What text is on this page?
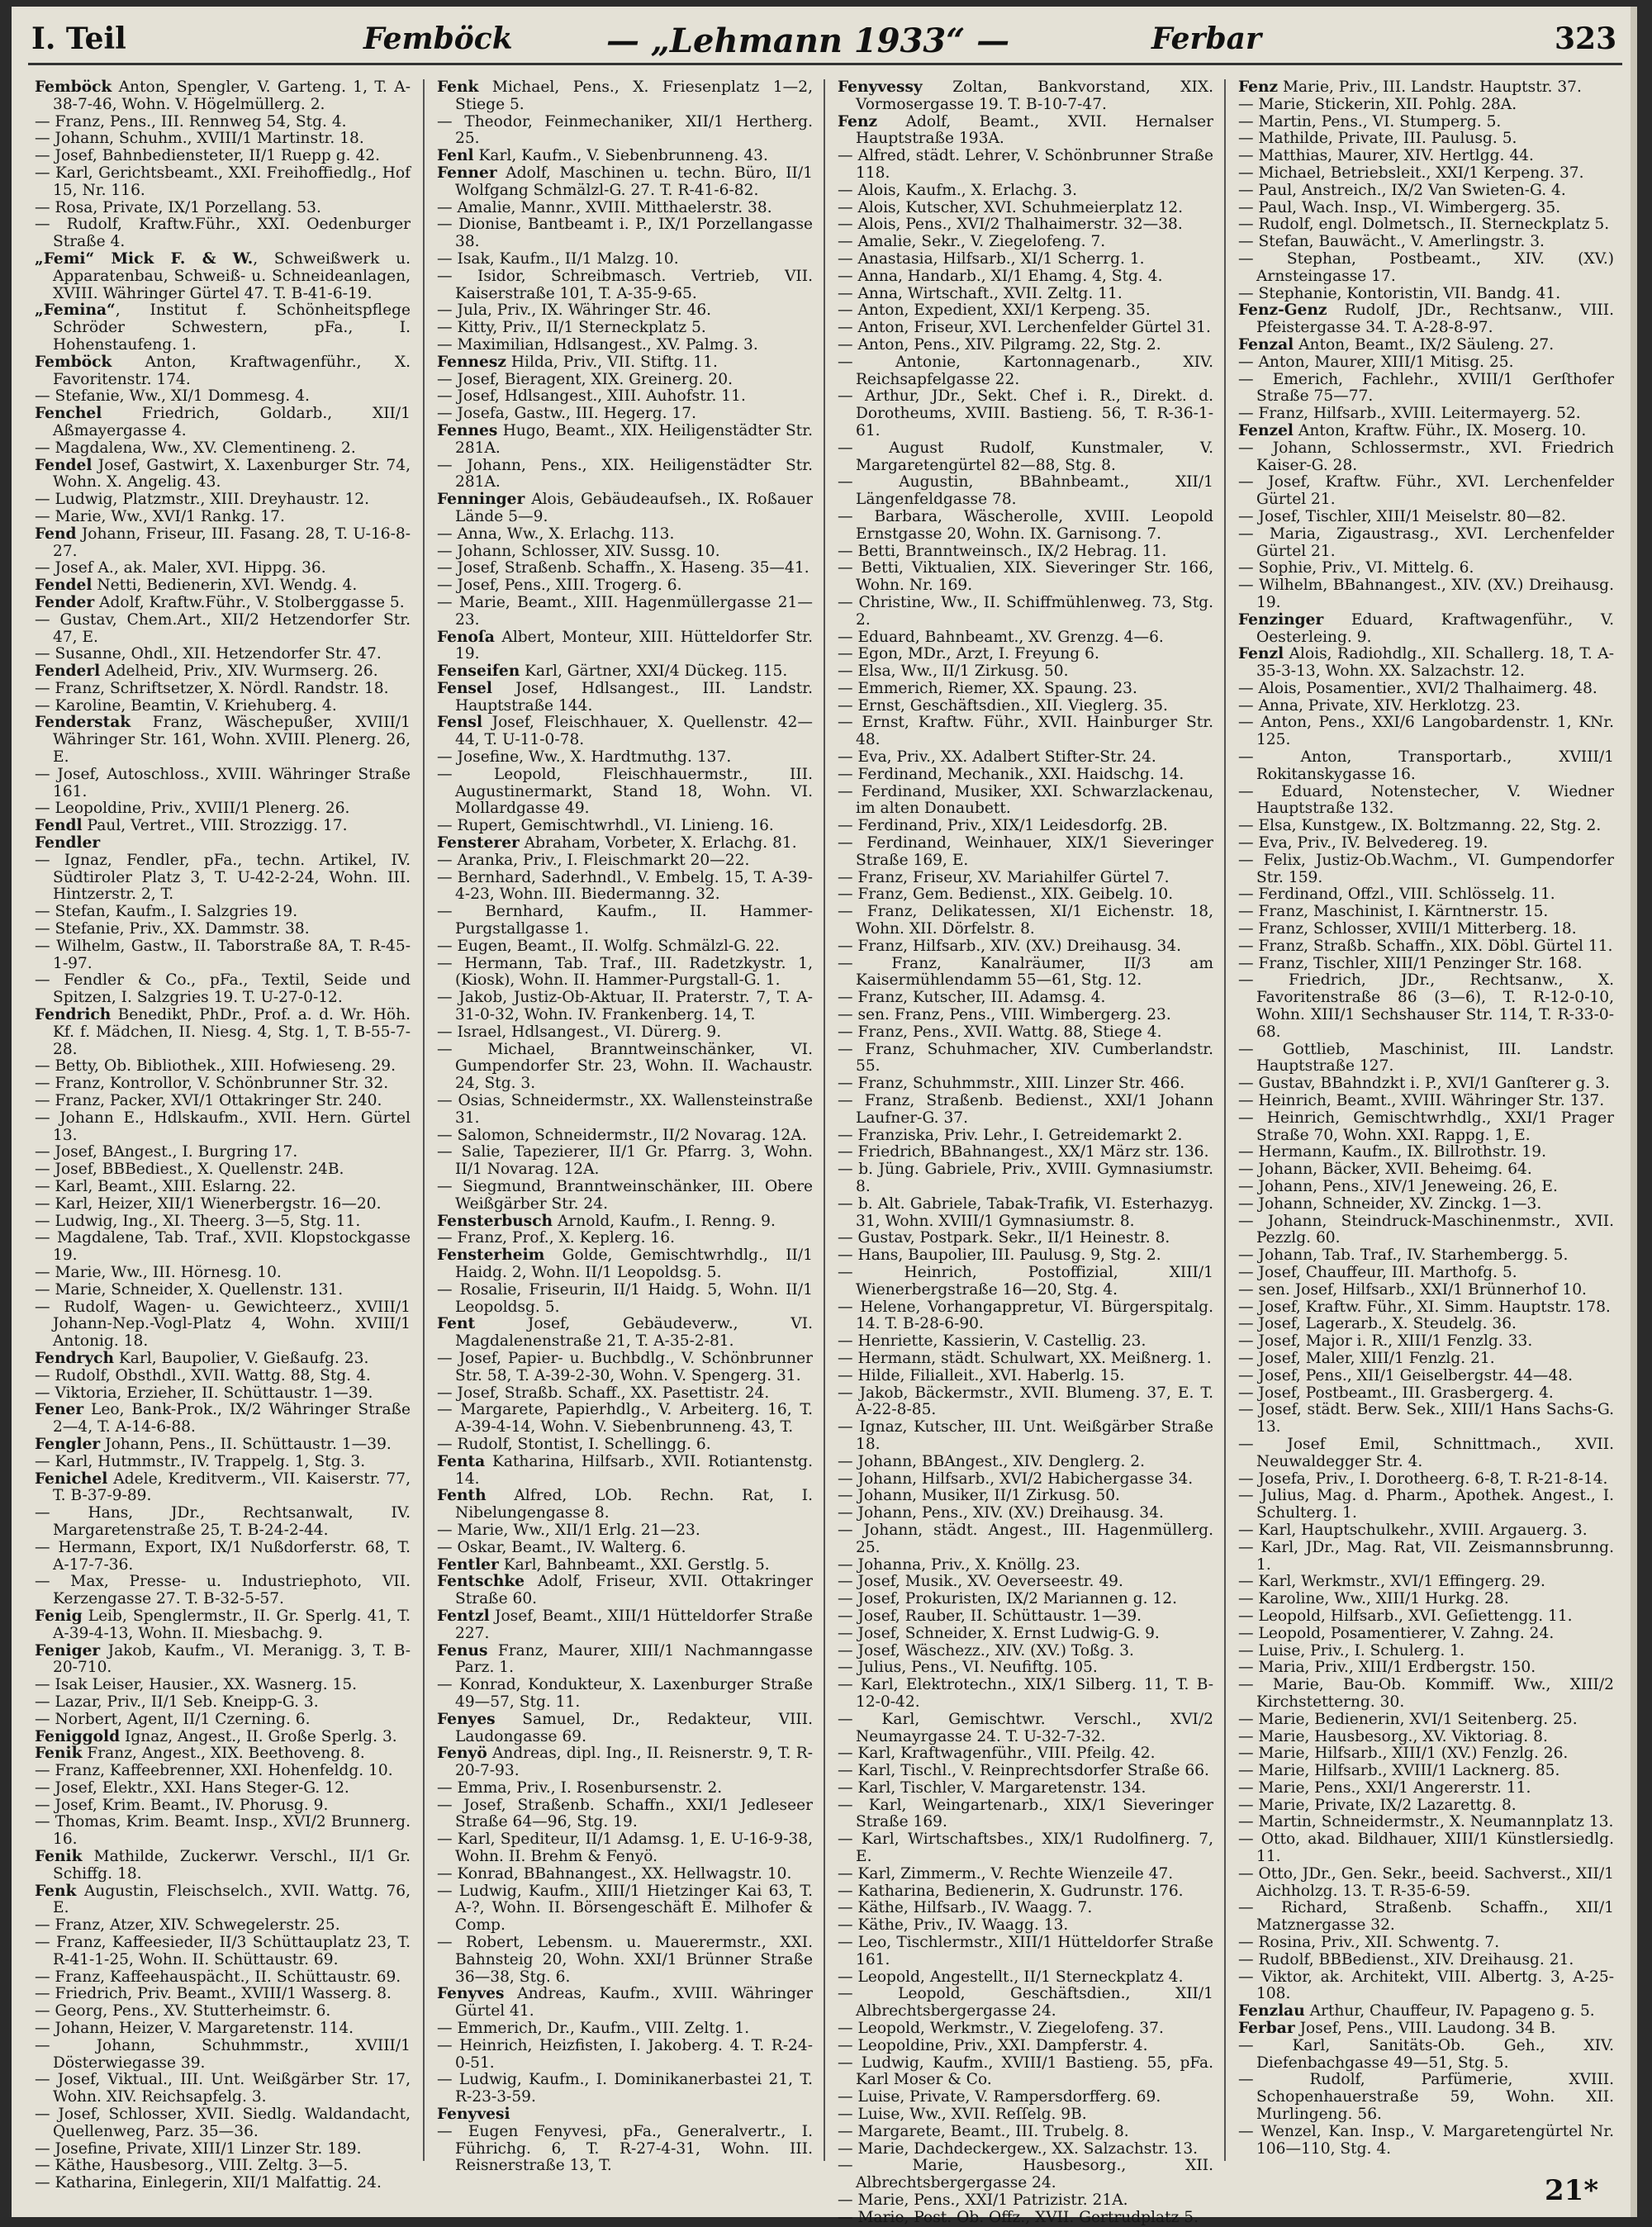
I. Teil	Femböck	— „Lehmann 1933“ —	Ferbar	323

Femböck Anton, Spengler, V. Garteng. 1, T. A-38-7-46, Wohn. V. Högelmüllerg. 2.

— Franz, Pens., III. Rennweg 54, Stg. 4.

— Johann, Schuhm., XVIII/1 Martinstr. 18.

— Josef, Bahnbediensteter, II/1 Ruepp g. 42.

— Karl, Gerichtsbeamt., XXI. Freihoffiedlg., Hof 15, Nr. 116.

— Rosa, Private, IX/1 Porzellang. 53.

— Rudolf, Kraftw.Führ., XXI. Oedenburger Straße 4.

„Femi“ Mick F. & W., Schweißwerk u. Apparatenbau, Schweiß- u. Schneideanlagen, XVIII. Währinger Gürtel 47. T. B-41-6-19.

„Femina“, Institut f. Schönheitspflege Schröder Schwestern, pFa., I. Hohenstaufeng. 1.

Femböck Anton, Kraftwagenführ., X. Favoritenstr. 174.

— Stefanie, Ww., XI/1 Dommesg. 4.

Fenchel Friedrich, Goldarb., XII/1 Aßmayergasse 4.

— Magdalena, Ww., XV. Clementineng. 2.

Fendel Josef, Gastwirt, X. Laxenburger Str. 74, Wohn. X. Angelig. 43.

— Ludwig, Platzmstr., XIII. Dreyhaustr. 12.

— Marie, Ww., XVI/1 Rankg. 17.

Fend Johann, Friseur, III. Fasang. 28, T. U-16-8-27.

— Josef A., ak. Maler, XVI. Hippg. 36.

Fendel Netti, Bedienerin, XVI. Wendg. 4.

Fender Adolf, Kraftw.Führ., V. Stolberggasse 5.

— Gustav, Chem.Art., XII/2 Hetzendorfer Str. 47, E.

— Susanne, Ohdl., XII. Hetzendorfer Str. 47.

Fenderl Adelheid, Priv., XIV. Wurmserg. 26.

— Franz, Schriftsetzer, X. Nördl. Randstr. 18.

— Karoline, Beamtin, V. Kriehuberg. 4.

Fenderstak Franz, Wäschepußer, XVIII/1 Währinger Str. 161, Wohn. XVIII. Plenerg. 26, E.

— Josef, Autoschloss., XVIII. Währinger Straße 161.

— Leopoldine, Priv., XVIII/1 Plenerg. 26.

Fendl Paul, Vertret., VIII. Strozzigg. 17.

Fendler

— Ignaz, Fendler, pFa., techn. Artikel, IV. Südtiroler Platz 3, T. U-42-2-24, Wohn. III. Hintzerstr. 2, T.

— Stefan, Kaufm., I. Salzgries 19.

— Stefanie, Priv., XX. Dammstr. 38.

— Wilhelm, Gastw., II. Taborstraße 8A, T. R-45-1-97.

— Fendler & Co., pFa., Textil, Seide und Spitzen, I. Salzgries 19. T. U-27-0-12.

Fendrich Benedikt, PhDr., Prof. a. d. Wr. Höh. Kf. f. Mädchen, II. Niesg. 4, Stg. 1, T. B-55-7-28.

— Betty, Ob. Bibliothek., XIII. Hofwieseng. 29.

— Franz, Kontrollor, V. Schönbrunner Str. 32.

— Franz, Packer, XVI/1 Ottakringer Str. 240.

— Johann E., Hdlskaufm., XVII. Hern. Gürtel 13.

— Josef, BAngest., I. Burgring 17.

— Josef, BBBediest., X. Quellenstr. 24B.

— Karl, Beamt., XIII. Eslarng. 22.

— Karl, Heizer, XII/1 Wienerbergstr. 16—20.

— Ludwig, Ing., XI. Theerg. 3—5, Stg. 11.

— Magdalene, Tab. Traf., XVII. Klopstockgasse 19.

— Marie, Ww., III. Hörnesg. 10.

— Marie, Schneider, X. Quellenstr. 131.

— Rudolf, Wagen- u. Gewichteerz., XVIII/1 Johann-Nep.-Vogl-Platz 4, Wohn. XVIII/1 Antonig. 18.

Fendrych Karl, Baupolier, V. Gießaufg. 23.

— Rudolf, Obsthdl., XVII. Wattg. 88, Stg. 4.

— Viktoria, Erzieher, II. Schüttaustr. 1—39.

Fener Leo, Bank-Prok., IX/2 Währinger Straße 2—4, T. A-14-6-88.

Fengler Johann, Pens., II. Schüttaustr. 1—39.

— Karl, Hutmmstr., IV. Trappelg. 1, Stg. 3.

Fenichel Adele, Kreditverm., VII. Kaiserstr. 77, T. B-37-9-89.

— Hans, JDr., Rechtsanwalt, IV. Margaretenstraße 25, T. B-24-2-44.

— Hermann, Export, IX/1 Nußdorferstr. 68, T. A-17-7-36.

— Max, Presse- u. Industriephoto, VII. Kerzengasse 27. T. B-32-5-57.

Fenig Leib, Spenglermstr., II. Gr. Sperlg. 41, T. A-39-4-13, Wohn. II. Miesbachg. 9.

Feniger Jakob, Kaufm., VI. Meranigg. 3, T. B-20-710.

— Isak Leiser, Hausier., XX. Wasnerg. 15.

— Lazar, Priv., II/1 Seb. Kneipp-G. 3.

— Norbert, Agent, II/1 Czerning. 6.

Feniggold Ignaz, Angest., II. Große Sperlg. 3.

Fenik Franz, Angest., XIX. Beethoveng. 8.

— Franz, Kaffeebrenner, XXI. Hohenfeldg. 10.

— Josef, Elektr., XXI. Hans Steger-G. 12.

— Josef, Krim. Beamt., IV. Phorusg. 9.

— Thomas, Krim. Beamt. Insp., XVI/2 Brunnerg. 16.

Fenik Mathilde, Zuckerwr. Verschl., II/1 Gr. Schiffg. 18.

Fenk Augustin, Fleischselch., XVII. Wattg. 76, E.

— Franz, Atzer, XIV. Schwegelerstr. 25.

— Franz, Kaffeesieder, II/3 Schüttauplatz 23, T. R-41-1-25, Wohn. II. Schüttaustr. 69.

— Franz, Kaffeehauspächt., II. Schüttaustr. 69.

— Friedrich, Priv. Beamt., XVIII/1 Wasserg. 8.

— Georg, Pens., XV. Stutterheimstr. 6.

— Johann, Heizer, V. Margaretenstr. 114.

— Johann, Schuhmmstr., XVIII/1 Dösterwiegasse 39.

— Josef, Viktual., III. Unt. Weißgärber Str. 17, Wohn. XIV. Reichsapfelg. 3.

— Josef, Schlosser, XVII. Siedlg. Waldandacht, Quellenweg, Parz. 35—36.

— Josefine, Private, XIII/1 Linzer Str. 189.

— Käthe, Hausbesorg., VIII. Zeltg. 3—5.

— Katharina, Einlegerin, XII/1 Malfattig. 24.

Fenk Michael, Pens., X. Friesenplatz 1—2, Stiege 5.

— Theodor, Feinmechaniker, XII/1 Hertherg. 25.

Fenl Karl, Kaufm., V. Siebenbrunneng. 43.

Fenner Adolf, Maschinen u. techn. Büro, II/1 Wolfgang Schmälzl-G. 27. T. R-41-6-82.

— Amalie, Mannr., XVIII. Mitthaelerstr. 38.

— Dionise, Bantbeamt i. P., IX/1 Porzellangasse 38.

— Isak, Kaufm., II/1 Malzg. 10.

— Isidor, Schreibmasch. Vertrieb, VII. Kaiserstraße 101, T. A-35-9-65.

— Jula, Priv., IX. Währinger Str. 46.

— Kitty, Priv., II/1 Sterneckplatz 5.

— Maximilian, Hdlsangest., XV. Palmg. 3.

Fennesz Hilda, Priv., VII. Stiftg. 11.

— Josef, Bieragent, XIX. Greinerg. 20.

— Josef, Hdlsangest., XIII. Auhofstr. 11.

— Josefa, Gastw., III. Hegerg. 17.

Fennes Hugo, Beamt., XIX. Heiligenstädter Str. 281A.

— Johann, Pens., XIX. Heiligenstädter Str. 281A.

Fenninger Alois, Gebäudeaufseh., IX. Roßauer Lände 5—9.

— Anna, Ww., X. Erlachg. 113.

— Johann, Schlosser, XIV. Sussg. 10.

— Josef, Straßenb. Schaffn., X. Haseng. 35—41.

— Josef, Pens., XIII. Trogerg. 6.

— Marie, Beamt., XIII. Hagenmüllergasse 21—23.

Fenoſa Albert, Monteur, XIII. Hütteldorfer Str. 19.

Fenseifen Karl, Gärtner, XXI/4 Dückeg. 115.

Fensel Josef, Hdlsangest., III. Landstr. Hauptstraße 144.

Fensl Josef, Fleischhauer, X. Quellenstr. 42—44, T. U-11-0-78.

— Josefine, Ww., X. Hardtmuthg. 137.

— Leopold, Fleischhauermstr., III. Augustinermarkt, Stand 18, Wohn. VI. Mollardgasse 49.

— Rupert, Gemischtwrhdl., VI. Linieng. 16.

Fensterer Abraham, Vorbeter, X. Erlachg. 81.

— Aranka, Priv., I. Fleischmarkt 20—22.

— Bernhard, Saderhndl., V. Embelg. 15, T. A-39-4-23, Wohn. III. Biedermanng. 32.

— Bernhard, Kaufm., II. Hammer-Purgstallgasse 1.

— Eugen, Beamt., II. Wolfg. Schmälzl-G. 22.

— Hermann, Tab. Traf., III. Radetzkystr. 1, (Kiosk), Wohn. II. Hammer-Purgstall-G. 1.

— Jakob, Justiz-Ob-Aktuar, II. Praterstr. 7, T. A-31-0-32, Wohn. IV. Frankenberg. 14, T.

— Israel, Hdlsangest., VI. Dürerg. 9.

— Michael, Branntweinschänker, VI. Gumpendorfer Str. 23, Wohn. II. Wachaustr. 24, Stg. 3.

— Osias, Schneidermstr., XX. Wallensteinstraße 31.

— Salomon, Schneidermstr., II/2 Novarag. 12A.

— Salie, Tapezierer, II/1 Gr. Pfarrg. 3, Wohn. II/1 Novarag. 12A.

— Siegmund, Branntweinschänker, III. Obere Weißgärber Str. 24.

Fensterbusch Arnold, Kaufm., I. Renng. 9.

— Franz, Prof., X. Keplerg. 16.

Fensterheim Golde, Gemischtwrhdlg., II/1 Haidg. 2, Wohn. II/1 Leopoldsg. 5.

— Rosalie, Friseurin, II/1 Haidg. 5, Wohn. II/1 Leopoldsg. 5.

Fent Josef, Gebäudeverw., VI. Magdalenenstraße 21, T. A-35-2-81.

— Josef, Papier- u. Buchbdlg., V. Schönbrunner Str. 58, T. A-39-2-30, Wohn. V. Spengerg. 31.

— Josef, Straßb. Schaff., XX. Pasettistr. 24.

— Margarete, Papierhdlg., V. Arbeiterg. 16, T. A-39-4-14, Wohn. V. Siebenbrunneng. 43, T.

— Rudolf, Stontist, I. Schellingg. 6.

Fenta Katharina, Hilfsarb., XVII. Rotiantenstg. 14.

Fenth Alfred, LOb. Rechn. Rat, I. Nibelungengasse 8.

— Marie, Ww., XII/1 Erlg. 21—23.

— Oskar, Beamt., IV. Walterg. 6.

Fentler Karl, Bahnbeamt., XXI. Gerstlg. 5.

Fentschke Adolf, Friseur, XVII. Ottakringer Straße 60.

Fentzl Josef, Beamt., XIII/1 Hütteldorfer Straße 227.

Fenus Franz, Maurer, XIII/1 Nachmanngasse Parz. 1.

— Konrad, Kondukteur, X. Laxenburger Straße 49—57, Stg. 11.

Fenyes Samuel, Dr., Redakteur, VIII. Laudongasse 69.

Fenyö Andreas, dipl. Ing., II. Reisnerstr. 9, T. R-20-7-93.

— Emma, Priv., I. Rosenbursenstr. 2.

— Josef, Straßenb. Schaffn., XXI/1 Jedleseer Straße 64—96, Stg. 19.

— Karl, Spediteur, II/1 Adamsg. 1, E. U-16-9-38, Wohn. II. Brehm & Fenyö.

— Konrad, BBahnangest., XX. Hellwagstr. 10.

— Ludwig, Kaufm., XIII/1 Hietzinger Kai 63, T. A-?, Wohn. II. Börsengeschäft E. Milhofer & Comp.

— Robert, Lebensm. u. Mauerermstr., XXI. Bahnsteig 20, Wohn. XXI/1 Brünner Straße 36—38, Stg. 6.

Fenyves Andreas, Kaufm., XVIII. Währinger Gürtel 41.

— Emmerich, Dr., Kaufm., VIII. Zeltg. 1.

— Heinrich, Heizfisten, I. Jakoberg. 4. T. R-24-0-51.

— Ludwig, Kaufm., I. Dominikanerbastei 21, T. R-23-3-59.

Fenyvesi

— Eugen Fenyvesi, pFa., Generalvertr., I. Führichg. 6, T. R-27-4-31, Wohn. III. Reisnerstraße 13, T.

Fenyvessy Zoltan, Bankvorstand, XIX. Vormosergasse 19. T. B-10-7-47.

Fenz Adolf, Beamt., XVII. Hernalser Hauptstraße 193A.

— Alfred, städt. Lehrer, V. Schönbrunner Straße 118.

— Alois, Kaufm., X. Erlachg. 3.

— Alois, Kutscher, XVI. Schuhmeierplatz 12.

— Alois, Pens., XVI/2 Thalhaimerstr. 32—38.

— Amalie, Sekr., V. Ziegelofeng. 7.

— Anastasia, Hilfsarb., XI/1 Scherrg. 1.

— Anna, Handarb., XI/1 Ehamg. 4, Stg. 4.

— Anna, Wirtschaft., XVII. Zeltg. 11.

— Anton, Expedient, XXI/1 Kerpeng. 35.

— Anton, Friseur, XVI. Lerchenfelder Gürtel 31.

— Anton, Pens., XIV. Pilgramg. 22, Stg. 2.

— Antonie, Kartonnagenarb., XIV. Reichsapfelgasse 22.

— Arthur, JDr., Sekt. Chef i. R., Direkt. d. Dorotheums, XVIII. Bastieng. 56, T. R-36-1-61.

— August Rudolf, Kunstmaler, V. Margaretengürtel 82—88, Stg. 8.

— Augustin, BBahnbeamt., XII/1 Längenfeldgasse 78.

— Barbara, Wäscherolle, XVIII. Leopold Ernstgasse 20, Wohn. IX. Garnisong. 7.

— Betti, Branntweinsch., IX/2 Hebrag. 11.

— Betti, Viktualien, XIX. Sieveringer Str. 166, Wohn. Nr. 169.

— Christine, Ww., II. Schiffmühlenweg. 73, Stg. 2.

— Eduard, Bahnbeamt., XV. Grenzg. 4—6.

— Egon, MDr., Arzt, I. Freyung 6.

— Elsa, Ww., II/1 Zirkusg. 50.

— Emmerich, Riemer, XX. Spaung. 23.

— Ernst, Geschäftsdien., XII. Vieglerg. 35.

— Ernst, Kraftw. Führ., XVII. Hainburger Str. 48.

— Eva, Priv., XX. Adalbert Stifter-Str. 24.

— Ferdinand, Mechanik., XXI. Haidschg. 14.

— Ferdinand, Musiker, XXI. Schwarzlackenau, im alten Donaubett.

— Ferdinand, Priv., XIX/1 Leidesdorfg. 2B.

— Ferdinand, Weinhauer, XIX/1 Sieveringer Straße 169, E.

— Franz, Friseur, XV. Mariahilfer Gürtel 7.

— Franz, Gem. Bedienst., XIX. Geibelg. 10.

— Franz, Delikatessen, XI/1 Eichenstr. 18, Wohn. XII. Dörfelstr. 8.

— Franz, Hilfsarb., XIV. (XV.) Dreihausg. 34.

— Franz, Kanalräumer, II/3 am Kaisermühlendamm 55—61, Stg. 12.

— Franz, Kutscher, III. Adamsg. 4.

— sen. Franz, Pens., VIII. Wimbergerg. 23.

— Franz, Pens., XVII. Wattg. 88, Stiege 4.

— Franz, Schuhmacher, XIV. Cumberlandstr. 55.

— Franz, Schuhmmstr., XIII. Linzer Str. 466.

— Franz, Straßenb. Bedienst., XXI/1 Johann Laufner-G. 37.

— Franziska, Priv. Lehr., I. Getreidemarkt 2.

— Friedrich, BBahnangest., XX/1 März str. 136.

— b. Jüng. Gabriele, Priv., XVIII. Gymnasiumstr. 8.

— b. Alt. Gabriele, Tabak-Trafik, VI. Esterhazyg. 31, Wohn. XVIII/1 Gymnasiumstr. 8.

— Gustav, Postpark. Sekr., II/1 Heinestr. 8.

— Hans, Baupolier, III. Paulusg. 9, Stg. 2.

— Heinrich, Postoffizial, XIII/1 Wienerbergstraße 16—20, Stg. 4.

— Helene, Vorhangappretur, VI. Bürgerspitalg. 14. T. B-28-6-90.

— Henriette, Kassierin, V. Castellig. 23.

— Hermann, städt. Schulwart, XX. Meißnerg. 1.

— Hilde, Filialleit., XVI. Haberlg. 15.

— Jakob, Bäckermstr., XVII. Blumeng. 37, E. T. A-22-8-85.

— Ignaz, Kutscher, III. Unt. Weißgärber Straße 18.

— Johann, BBAngest., XIV. Denglerg. 2.

— Johann, Hilfsarb., XVI/2 Habichergasse 34.

— Johann, Musiker, II/1 Zirkusg. 50.

— Johann, Pens., XIV. (XV.) Dreihausg. 34.

— Johann, städt. Angest., III. Hagenmüllerg. 25.

— Johanna, Priv., X. Knöllg. 23.

— Josef, Musik., XV. Oeverseestr. 49.

— Josef, Prokuristen, IX/2 Mariannen g. 12.

— Josef, Rauber, II. Schüttaustr. 1—39.

— Josef, Schneider, X. Ernst Ludwig-G. 9.

— Josef, Wäschezz., XIV. (XV.) Toßg. 3.

— Julius, Pens., VI. Neufiftg. 105.

— Karl, Elektrotechn., XIX/1 Silberg. 11, T. B-12-0-42.

— Karl, Gemischtwr. Verschl., XVI/2 Neumayrgasse 24. T. U-32-7-32.

— Karl, Kraftwagenführ., VIII. Pfeilg. 42.

— Karl, Tischl., V. Reinprechtsdorfer Straße 66.

— Karl, Tischler, V. Margaretenstr. 134.

— Karl, Weingartenarb., XIX/1 Sieveringer Straße 169.

— Karl, Wirtschaftsbes., XIX/1 Rudolfinerg. 7, E.

— Karl, Zimmerm., V. Rechte Wienzeile 47.

— Katharina, Bedienerin, X. Gudrunstr. 176.

— Käthe, Hilfsarb., IV. Waagg. 7.

— Käthe, Priv., IV. Waagg. 13.

— Leo, Tischlermstr., XIII/1 Hütteldorfer Straße 161.

— Leopold, Angestellt., II/1 Sterneckplatz 4.

— Leopold, Geschäftsdien., XII/1 Albrechtsbergergasse 24.

— Leopold, Werkmstr., V. Ziegelofeng. 37.

— Leopoldine, Priv., XXI. Dampferstr. 4.

— Ludwig, Kaufm., XVIII/1 Bastieng. 55, pFa. Karl Moser & Co.

— Luise, Private, V. Rampersdorfferg. 69.

— Luise, Ww., XVII. Reſſelg. 9B.

— Margarete, Beamt., III. Trubelg. 8.

— Marie, Dachdeckergew., XX. Salzachstr. 13.

— Marie, Hausbesorg., XII. Albrechtsbergergasse 24.

— Marie, Pens., XXI/1 Patrizistr. 21A.

— Marie, Post. Ob. Offz., XVII. Gertrudplatz 5.

Fenz Marie, Priv., III. Landstr. Hauptstr. 37.

— Marie, Stickerin, XII. Pohlg. 28A.

— Martin, Pens., VI. Stumperg. 5.

— Mathilde, Private, III. Paulusg. 5.

— Matthias, Maurer, XIV. Hertlgg. 44.

— Michael, Betriebsleit., XXI/1 Kerpeng. 37.

— Paul, Anstreich., IX/2 Van Swieten-G. 4.

— Paul, Wach. Insp., VI. Wimbergerg. 35.

— Rudolf, engl. Dolmetsch., II. Sterneckplatz 5.

— Stefan, Bauwächt., V. Amerlingstr. 3.

— Stephan, Postbeamt., XIV. (XV.) Arnsteingasse 17.

— Stephanie, Kontoristin, VII. Bandg. 41.

Fenz-Genz Rudolf, JDr., Rechtsanw., VIII. Pfeistergasse 34. T. A-28-8-97.

Fenzal Anton, Beamt., IX/2 Säuleng. 27.

— Anton, Maurer, XIII/1 Mitisg. 25.

— Emerich, Fachlehr., XVIII/1 Gerſthofer Straße 75—77.

— Franz, Hilfsarb., XVIII. Leitermayerg. 52.

Fenzel Anton, Kraftw. Führ., IX. Moserg. 10.

— Johann, Schlossermstr., XVI. Friedrich Kaiser-G. 28.

— Josef, Kraftw. Führ., XVI. Lerchenfelder Gürtel 21.

— Josef, Tischler, XIII/1 Meiselstr. 80—82.

— Maria, Zigaustrasg., XVI. Lerchenfelder Gürtel 21.

— Sophie, Priv., VI. Mittelg. 6.

— Wilhelm, BBahnangest., XIV. (XV.) Dreihausg. 19.

Fenzinger Eduard, Kraftwagenführ., V. Oesterleing. 9.

Fenzl Alois, Radiohdlg., XII. Schallerg. 18, T. A-35-3-13, Wohn. XX. Salzachstr. 12.

— Alois, Posamentier., XVI/2 Thalhaimerg. 48.

— Anna, Private, XIV. Herklotzg. 23.

— Anton, Pens., XXI/6 Langobardenstr. 1, KNr. 125.

— Anton, Transportarb., XVIII/1 Rokitanskygasse 16.

— Eduard, Notenstecher, V. Wiedner Hauptstraße 132.

— Elsa, Kunstgew., IX. Boltzmanng. 22, Stg. 2.

— Eva, Priv., IV. Belvedereg. 19.

— Felix, Justiz-Ob.Wachm., VI. Gumpendorfer Str. 159.

— Ferdinand, Offzl., VIII. Schlösselg. 11.

— Franz, Maschinist, I. Kärntnerstr. 15.

— Franz, Schlosser, XVIII/1 Mitterberg. 18.

— Franz, Straßb. Schaffn., XIX. Döbl. Gürtel 11.

— Franz, Tischler, XIII/1 Penzinger Str. 168.

— Friedrich, JDr., Rechtsanw., X. Favoritenstraße 86 (3—6), T. R-12-0-10, Wohn. XIII/1 Sechshauser Str. 114, T. R-33-0-68.

— Gottlieb, Maschinist, III. Landstr. Hauptstraße 127.

— Gustav, BBahndzkt i. P., XVI/1 Ganſterer g. 3.

— Heinrich, Beamt., XVIII. Währinger Str. 137.

— Heinrich, Gemischtwrhdlg., XXI/1 Prager Straße 70, Wohn. XXI. Rappg. 1, E.

— Hermann, Kaufm., IX. Billrothstr. 19.

— Johann, Bäcker, XVII. Beheimg. 64.

— Johann, Pens., XIV/1 Jeneweing. 26, E.

— Johann, Schneider, XV. Zinckg. 1—3.

— Johann, Steindruck-Maschinenmstr., XVII. Pezzlg. 60.

— Johann, Tab. Traf., IV. Starhembergg. 5.

— Josef, Chauffeur, III. Marthofg. 5.

— sen. Josef, Hilfsarb., XXI/1 Brünnerhof 10.

— Josef, Kraftw. Führ., XI. Simm. Hauptstr. 178.

— Josef, Lagerarb., X. Steudelg. 36.

— Josef, Major i. R., XIII/1 Fenzlg. 33.

— Josef, Maler, XIII/1 Fenzlg. 21.

— Josef, Pens., XII/1 Geiselbergstr. 44—48.

— Josef, Postbeamt., III. Grasbergerg. 4.

— Josef, städt. Berw. Sek., XIII/1 Hans Sachs-G. 13.

— Josef Emil, Schnittmach., XVII. Neuwaldegger Str. 4.

— Josefa, Priv., I. Dorotheerg. 6-8, T. R-21-8-14.

— Julius, Mag. d. Pharm., Apothek. Angest., I. Schulterg. 1.

— Karl, Hauptschulkehr., XVIII. Argauerg. 3.

— Karl, JDr., Mag. Rat, VII. Zeismannsbrunng. 1.

— Karl, Werkmstr., XVI/1 Effingerg. 29.

— Karoline, Ww., XIII/1 Hurkg. 28.

— Leopold, Hilfsarb., XVI. Geſiettengg. 11.

— Leopold, Posamentierer, V. Zahng. 24.

— Luise, Priv., I. Schulerg. 1.

— Maria, Priv., XIII/1 Erdbergstr. 150.

— Marie, Bau-Ob. Kommiff. Ww., XIII/2 Kirchstetterng. 30.

— Marie, Bedienerin, XVI/1 Seitenberg. 25.

— Marie, Hausbesorg., XV. Viktoriag. 8.

— Marie, Hilfsarb., XIII/1 (XV.) Fenzlg. 26.

— Marie, Hilfsarb., XVIII/1 Lacknerg. 85.

— Marie, Pens., XXI/1 Angererstr. 11.

— Marie, Private, IX/2 Lazarettg. 8.

— Martin, Schneidermstr., X. Neumannplatz 13.

— Otto, akad. Bildhauer, XIII/1 Künstlersiedlg. 11.

— Otto, JDr., Gen. Sekr., beeid. Sachverst., XII/1 Aichholzg. 13. T. R-35-6-59.

— Richard, Straßenb. Schaffn., XII/1 Matznergasse 32.

— Rosina, Priv., XII. Schwentg. 7.

— Rudolf, BBBedienst., XIV. Dreihausg. 21.

— Viktor, ak. Architekt, VIII. Albertg. 3, A-25-108.

Fenzlau Arthur, Chauffeur, IV. Papageno g. 5.

Ferbar Josef, Pens., VIII. Laudong. 34 B.

— Karl, Sanitäts-Ob. Geh., XIV. Diefenbachgasse 49—51, Stg. 5.

— Rudolf, Parfümerie, XVIII. Schopenhauerstraße 59, Wohn. XII. Murlingeng. 56.

— Wenzel, Kan. Insp., V. Margaretengürtel Nr. 106—110, Stg. 4.

21*
